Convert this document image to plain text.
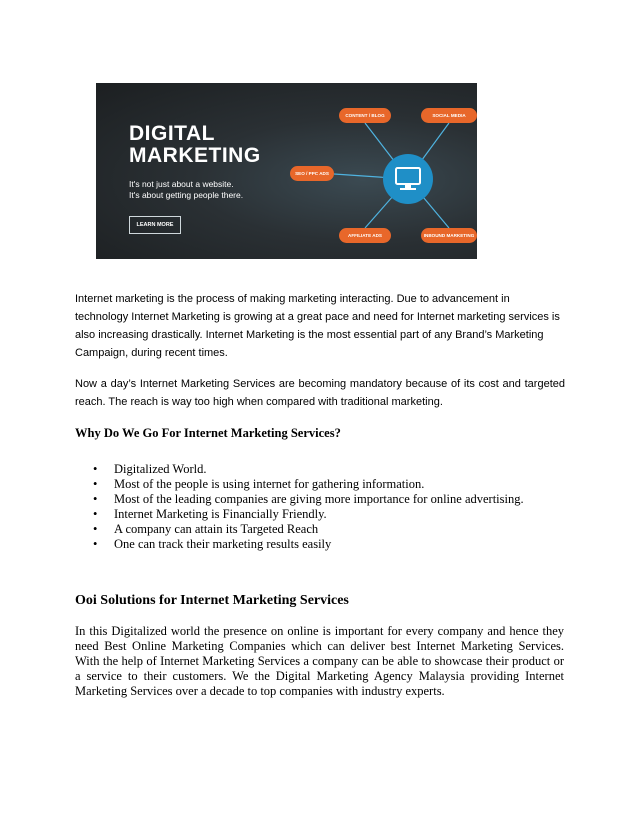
DIGITAL
MARKETING
It's not just about a website.
It's about getting people there.
LEARN MORE
CONTENT / BLOG	SOCIAL MEDIA
SEO / PPC ADS
AFFILIATE ADS	INBOUND MARKETING

Internet marketing is the process of making marketing interacting. Due to advancement in technology Internet Marketing is growing at a great pace and need for Internet marketing services is also increasing drastically. Internet Marketing is the most essential part of any Brand’s Marketing Campaign, during recent times.

Now a day’s Internet Marketing Services are becoming mandatory because of its cost and targeted reach. The reach is way too high when compared with traditional marketing.

Why Do We Go For Internet Marketing Services?
• Digitalized World.
• Most of the people is using internet for gathering information.
• Most of the leading companies are giving more importance for online advertising.
• Internet Marketing is Financially Friendly.
• A company can attain its Targeted Reach
• One can track their marketing results easily
Ooi Solutions for Internet Marketing Services

In this Digitalized world the presence on online is important for every company and hence they need Best Online Marketing Companies which can deliver best Internet Marketing Services. With the help of Internet Marketing Services a company can be able to showcase their product or a service to their customers. We the Digital Marketing Agency Malaysia providing Internet Marketing Services over a decade to top companies with industry experts.
